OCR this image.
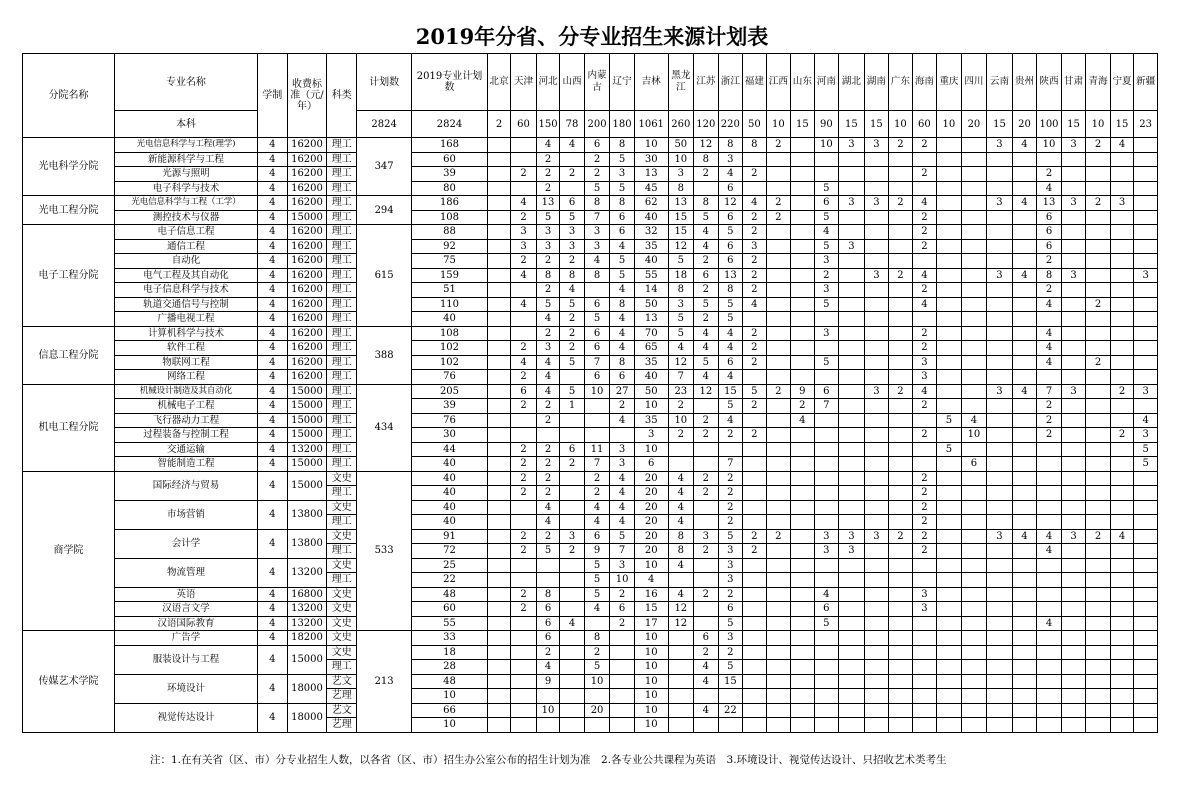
2019年分省、分专业招生来源计划表
分院名称	专业名称	学制	收费标准（元/年）	科类	计划数	2019专业计划数	北京	天津	河北	山西	内蒙古	辽宁	吉林	黑龙江	江苏	浙江	福建	江西	山东	河南	湖北	湖南	广东	海南	重庆	四川	云南	贵州	陕西	甘肃	青海	宁夏	新疆
	本科				2824	2824	2	60	150	78	200	180	1061	260	120	220	50	10	15	90	15	15	10	60	10	20	15	20	100	15	10	15	23
光电科学分院	光电信息科学与工程(理学)	4	16200	理工	347	168			4	4	6	8	10	50	12	8	8	2		10	3	3	2	2			3	4	10	3	2	4	
	新能源科学与工程	4	16200	理工		60			2		2	5	30	10	8	3																	
	光源与照明	4	16200	理工		39		2	2	2	2	3	13	3	2	4	2							2					2				
	电子科学与技术	4	16200	理工		80			2		5	5	45	8		6				5									4				
光电工程分院	光电信息科学与工程（工学）	4	16200	理工	294	186		4	13	6	8	8	62	13	8	12	4	2		6	3	3	2	4			3	4	13	3	2	3	
	测控技术与仪器	4	15000	理工		108		2	5	5	7	6	40	15	5	6	2	2		5				2					6				
电子工程分院	电子信息工程	4	16200	理工	615	88		3	3	3	3	6	32	15	4	5	2			4				2					6				
	通信工程	4	16200	理工		92		3	3	3	3	4	35	12	4	6	3			5	3			2					6				
	自动化	4	16200	理工		75		2	2	2	4	5	40	5	2	6	2			3									2				
	电气工程及其自动化	4	16200	理工		159		4	8	8	8	5	55	18	6	13	2			2		3	2	4			3	4	8	3			3
	电子信息科学与技术	4	16200	理工		51			2	4		4	14	8	2	8	2			3				2					2				
	轨道交通信号与控制	4	16200	理工		110		4	5	5	6	8	50	3	5	5	4			5				4					4		2		
	广播电视工程	4	16200	理工		40			4	2	5	4	13	5	2	5																	
信息工程分院	计算机科学与技术	4	16200	理工	388	108			2	2	6	4	70	5	4	4	2			3				2					4				
	软件工程	4	16200	理工		102		2	3	2	6	4	65	4	4	4	2							2					4				
	物联网工程	4	16200	理工		102		4	4	5	7	8	35	12	5	6	2			5				3					4		2		
	网络工程	4	16200	理工		76		2	4		6	6	40	7	4	4								3									
机电工程分院	机械设计制造及其自动化	4	15000	理工	434	205		6	4	5	10	27	50	23	12	15	5	2	9	6		3	2	4			3	4	7	3		2	3
	机械电子工程	4	15000	理工		39		2	2	1		2	10	2		5	2		2	7				2					2				
	飞行器动力工程	4	15000	理工		76			2			4	35	10	2	4			4						5	4			2				4
	过程装备与控制工程	4	15000	理工		30							3	2	2	2	2							2		10			2			2	3
	交通运输	4	13200	理工		44		2	2	6	11	3	10												5								5
	智能制造工程	4	15000	理工		40		2	2	2	7	3	6			7										6							5
商学院	国际经济与贸易	4	15000	文史	533	40		2	2		2	4	20	4	2	2								2									
				理工		40		2	2		2	4	20	4	2	2								2									
	市场营销	4	13800	文史		40			4		4	4	20	4		2								2									
				理工		40			4		4	4	20	4		2								2									
	会计学	4	13800	文史		91		2	2	3	6	5	20	8	3	5	2	2		3	3	3	2	2			3	4	4	3	2	4	
				理工		72		2	5	2	9	7	20	8	2	3	2			3	3			2					4				
	物流管理	4	13200	文史		25					5	3	10	4		3																	
				理工		22					5	10	4			3																	
	英语	4	16800	文史		48		2	8		5	2	16	4	2	2				4				3									
	汉语言文学	4	13200	文史		60		2	6		4	6	15	12		6				6				3									
	汉语国际教育	4	13200	文史		55			6	4		2	17	12		5				5									4				
传媒艺术学院	广告学	4	18200	文史	213	33			6		8		10		6	3																	
	服装设计与工程	4	15000	文史		18			2		2		10		2	2																	
				理工		28			4		5		10		4	5																	
	环境设计	4	18000	艺文		48			9		10		10		4	15																	
				艺理		10							10																				
	视觉传达设计	4	18000	艺文		66			10		20		10		4	22																	
				艺理		10							10																				
注：1.在有关省（区、市）分专业招生人数，以各省（区、市）招生办公室公布的招生计划为准　2.各专业公共课程为英语　3.环境设计、视觉传达设计、只招收艺术类考生
